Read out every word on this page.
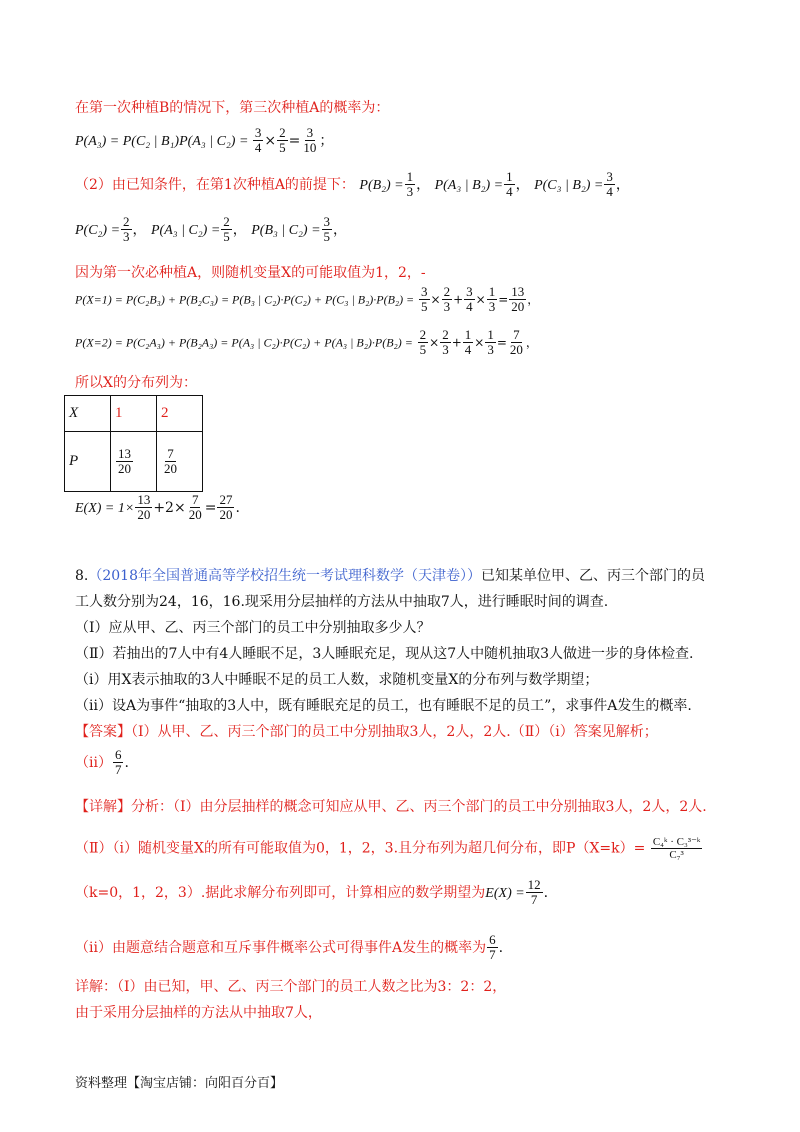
在第一次种植B的情况下，第三次种植A的概率为：
P(A₃) = P(C₂ | B₁)P(A₃ | $C_2) = \frac{3}{4} \times \frac{2}{5} = \frac{3}{10}$ ；
（2）由已知条件，在第1次种植A的前提下： $P(B_2) = \frac{1}{3}$ ， P(A₃ | $B_2) = \frac{1}{4}$ ， P(C₃ | $B_2) = \frac{3}{4}$ ，
$P(C_2) = \frac{2}{3}$ ， P(A₃ | $C_2) = \frac{2}{5}$ ， P(B₃ | $C_2) = \frac{3}{5}$ ，
因为第一次必种植A，则随机变量X的可能取值为1，2，-
P(X=1) = P(C₂B₃) + P(B₂C₃) = P(B₃ | C₂)·P(C₂) + P(C₃ | $B_2)\cdot P(B_2) = \frac{3}{5} \times \frac{2}{3} + \frac{3}{4} \times \frac{1}{3} = \frac{13}{20}$ ，
P(X=2) = P(C₂A₃) + P(B₂A₃) = P(A₃ | C₂)·P(C₂) + P(A₃ | $B_2)\cdot P(B_2) = \frac{2}{5} \times \frac{2}{3} + \frac{1}{4} \times \frac{1}{3} = \frac{7}{20}$ ，
所以X的分布列为：
X	1	2
P	$\frac{13}{20}$	$\frac{7}{20}$
$E(X) = 1\times \frac{13}{20} +2\times \frac{7}{20} = \frac{27}{20}$ .
8.（2018年全国普通高等学校招生统一考试理科数学（天津卷））已知某单位甲、乙、丙三个部门的员
工人数分别为24，16，16.现采用分层抽样的方法从中抽取7人，进行睡眠时间的调查.
（Ⅰ）应从甲、乙、丙三个部门的员工中分别抽取多少人？
（Ⅱ）若抽出的7人中有4人睡眠不足，3人睡眠充足，现从这7人中随机抽取3人做进一步的身体检查.
（i）用X表示抽取的3人中睡眠不足的员工人数，求随机变量X的分布列与数学期望；
（ii）设A为事件“抽取的3人中，既有睡眠充足的员工，也有睡眠不足的员工”，求事件A发生的概率.
【答案】（Ⅰ）从甲、乙、丙三个部门的员工中分别抽取3人，2人，2人.（Ⅱ）（i）答案见解析；
$(ii) \frac{6}{7}$ .
【详解】分析：（Ⅰ）由分层抽样的概念可知应从甲、乙、丙三个部门的员工中分别抽取3人，2人，2人.
（Ⅱ）（i）随机变量X的所有可能取值为0，1，2，3.且分布列为超几何分布，即$P(X=k)= \frac{\text{C₄ᵏ · C₃³⁻ᵏ}}{\text{C₇³}}$
（k=0，1，2，3）.据此求解分布列即可，计算相应的数学期望为$E(X) = \frac{12}{7}$ .
（ii）由题意结合题意和互斥事件概率公式可得事件A发生的概率为 $\frac{6}{7}$ .
详解：（Ⅰ）由已知，甲、乙、丙三个部门的员工人数之比为3：2：2，
由于采用分层抽样的方法从中抽取7人，
资料整理【淘宝店铺：向阳百分百】
